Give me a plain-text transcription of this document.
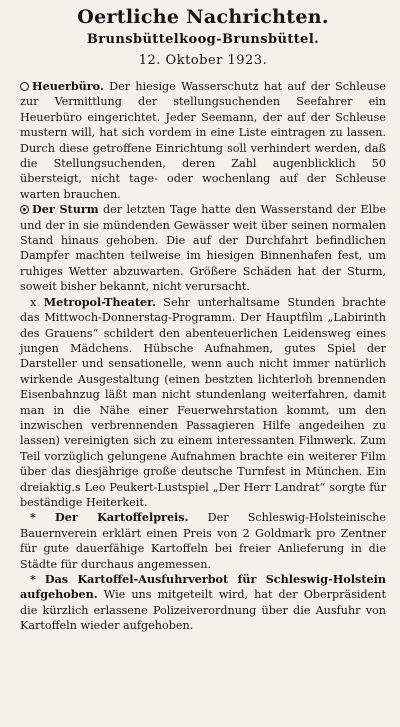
Oertliche Nachrichten.
Brunsbüttelkoog-Brunsbüttel.
12. Oktober 1923.

Heuerbüro. Der hiesige Wasserschutz hat auf der Schleuse zur Vermittlung der stellungsuchenden Seefahrer ein Heuerbüro eingerichtet. Jeder Seemann, der auf der Schleuse mustern will, hat sich vordem in eine Liste eintragen zu lassen. Durch diese getroffene Einrichtung soll verhindert werden, daß die Stellungsuchenden, deren Zahl augenblicklich 50 übersteigt, nicht tage- oder wochenlang auf der Schleuse warten brauchen.

Der Sturm der letzten Tage hatte den Wasserstand der Elbe und der in sie mündenden Gewässer weit über seinen normalen Stand hinaus gehoben. Die auf der Durchfahrt befindlichen Dampfer machten teilweise im hiesigen Binnenhafen fest, um ruhiges Wetter abzuwarten. Größere Schäden hat der Sturm, soweit bisher bekannt, nicht verursacht.

x Metropol-Theater. Sehr unterhaltsame Stunden brachte das Mittwoch-Donnerstag-Programm. Der Hauptfilm „Labirinth des Grauens“ schildert den abenteuerlichen Leidensweg eines jungen Mädchens. Hübsche Aufnahmen, gutes Spiel der Darsteller und sensationelle, wenn auch nicht immer natürlich wirkende Ausgestaltung (einen bestzten lichterloh brennenden Eisenbahnzug läßt man nicht stundenlang weiterfahren, damit man in die Nähe einer Feuerwehrstation kommt, um den inzwischen verbrennenden Passagieren Hilfe angedeihen zu lassen) vereinigten sich zu einem interessanten Filmwerk. Zum Teil vorzüglich gelungene Aufnahmen brachte ein weiterer Film über das diesjährige große deutsche Turnfest in München. Ein dreiaktig.s Leo Peukert-Lustspiel „Der Herr Landrat“ sorgte für beständige Heiterkeit.

* Der Kartoffelpreis. Der Schleswig-Holsteinische Bauernverein erklärt einen Preis von 2 Goldmark pro Zentner für gute dauerfähige Kartoffeln bei freier Anlieferung in die Städte für durchaus angemessen.

* Das Kartoffel-Ausfuhrverbot für Schleswig-Holstein aufgehoben. Wie uns mitgeteilt wird, hat der Oberpräsident die kürzlich erlassene Polizeiverordnung über die Ausfuhr von Kartoffeln wieder aufgehoben.
